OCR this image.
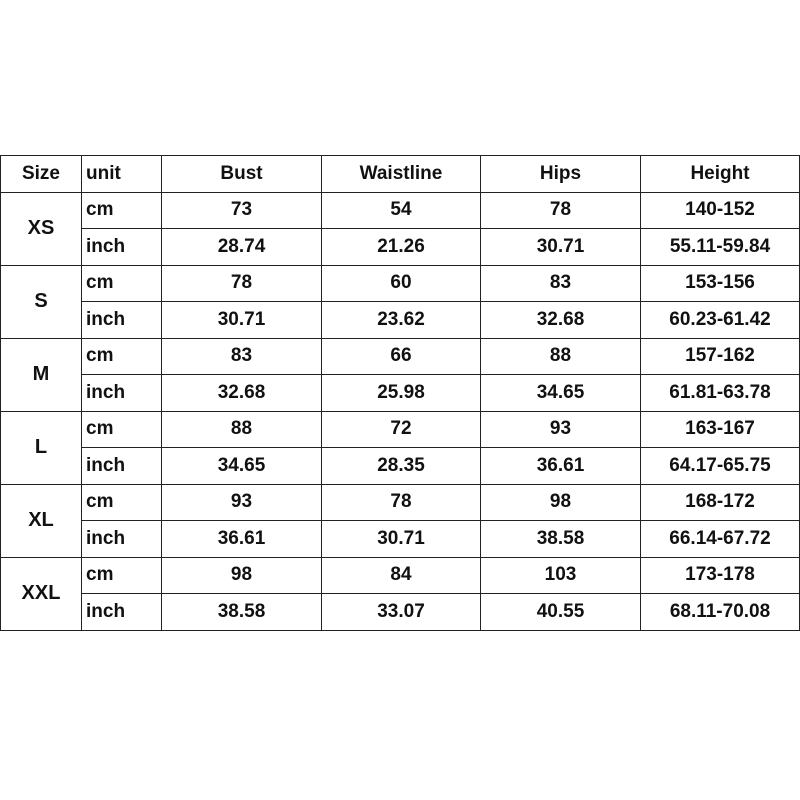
Size	unit	Bust	Waistline	Hips	Height
XS	cm	73	54	78	140-152
	inch	28.74	21.26	30.71	55.11-59.84
S	cm	78	60	83	153-156
	inch	30.71	23.62	32.68	60.23-61.42
M	cm	83	66	88	157-162
	inch	32.68	25.98	34.65	61.81-63.78
L	cm	88	72	93	163-167
	inch	34.65	28.35	36.61	64.17-65.75
XL	cm	93	78	98	168-172
	inch	36.61	30.71	38.58	66.14-67.72
XXL	cm	98	84	103	173-178
	inch	38.58	33.07	40.55	68.11-70.08
